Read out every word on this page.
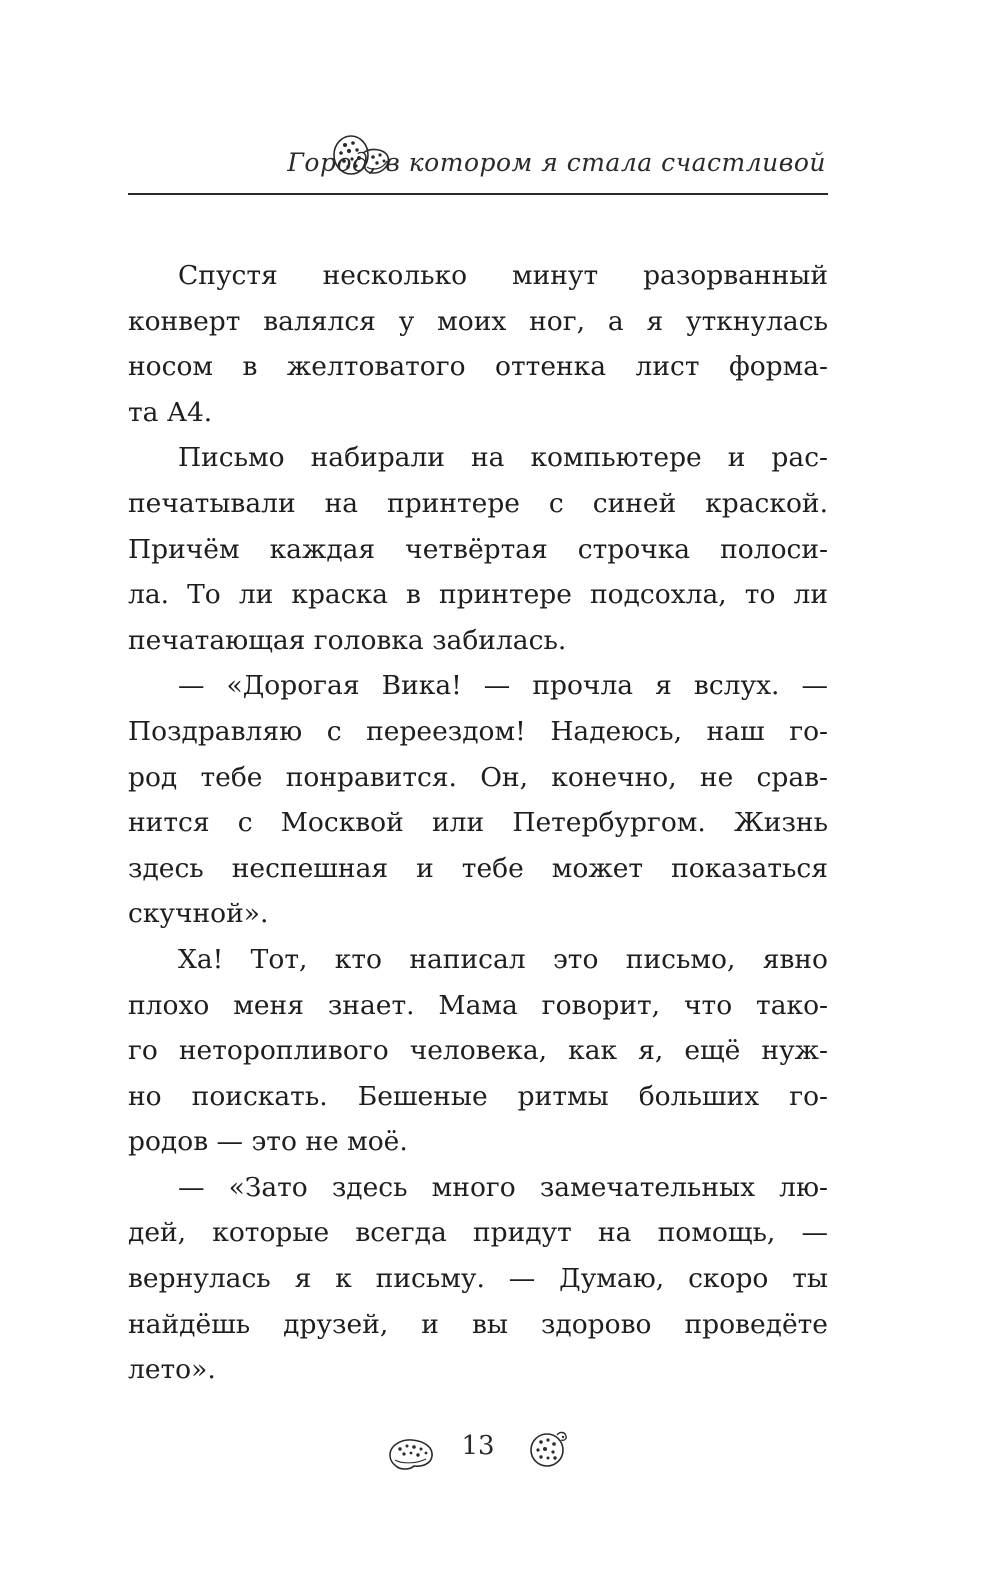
Город, в котором я стала счастливой
Спустя несколько минут разорванный
конверт валялся у моих ног, а я уткнулась
носом в желтоватого оттенка лист форма-
та А4.
Письмо набирали на компьютере и рас-
печатывали на принтере с синей краской.
Причём каждая четвёртая строчка полоси-
ла. То ли краска в принтере подсохла, то ли
печатающая головка забилась.
— «Дорогая Вика! — прочла я вслух. —
Поздравляю с переездом! Надеюсь, наш го-
род тебе понравится. Он, конечно, не срав-
нится с Москвой или Петербургом. Жизнь
здесь неспешная и тебе может показаться
скучной».
Ха! Тот, кто написал это письмо, явно
плохо меня знает. Мама говорит, что тако-
го неторопливого человека, как я, ещё нуж-
но поискать. Бешеные ритмы больших го-
родов — это не моё.
— «Зато здесь много замечательных лю-
дей, которые всегда придут на помощь, —
вернулась я к письму. — Думаю, скоро ты
найдёшь друзей, и вы здорово проведёте
лето».
13
